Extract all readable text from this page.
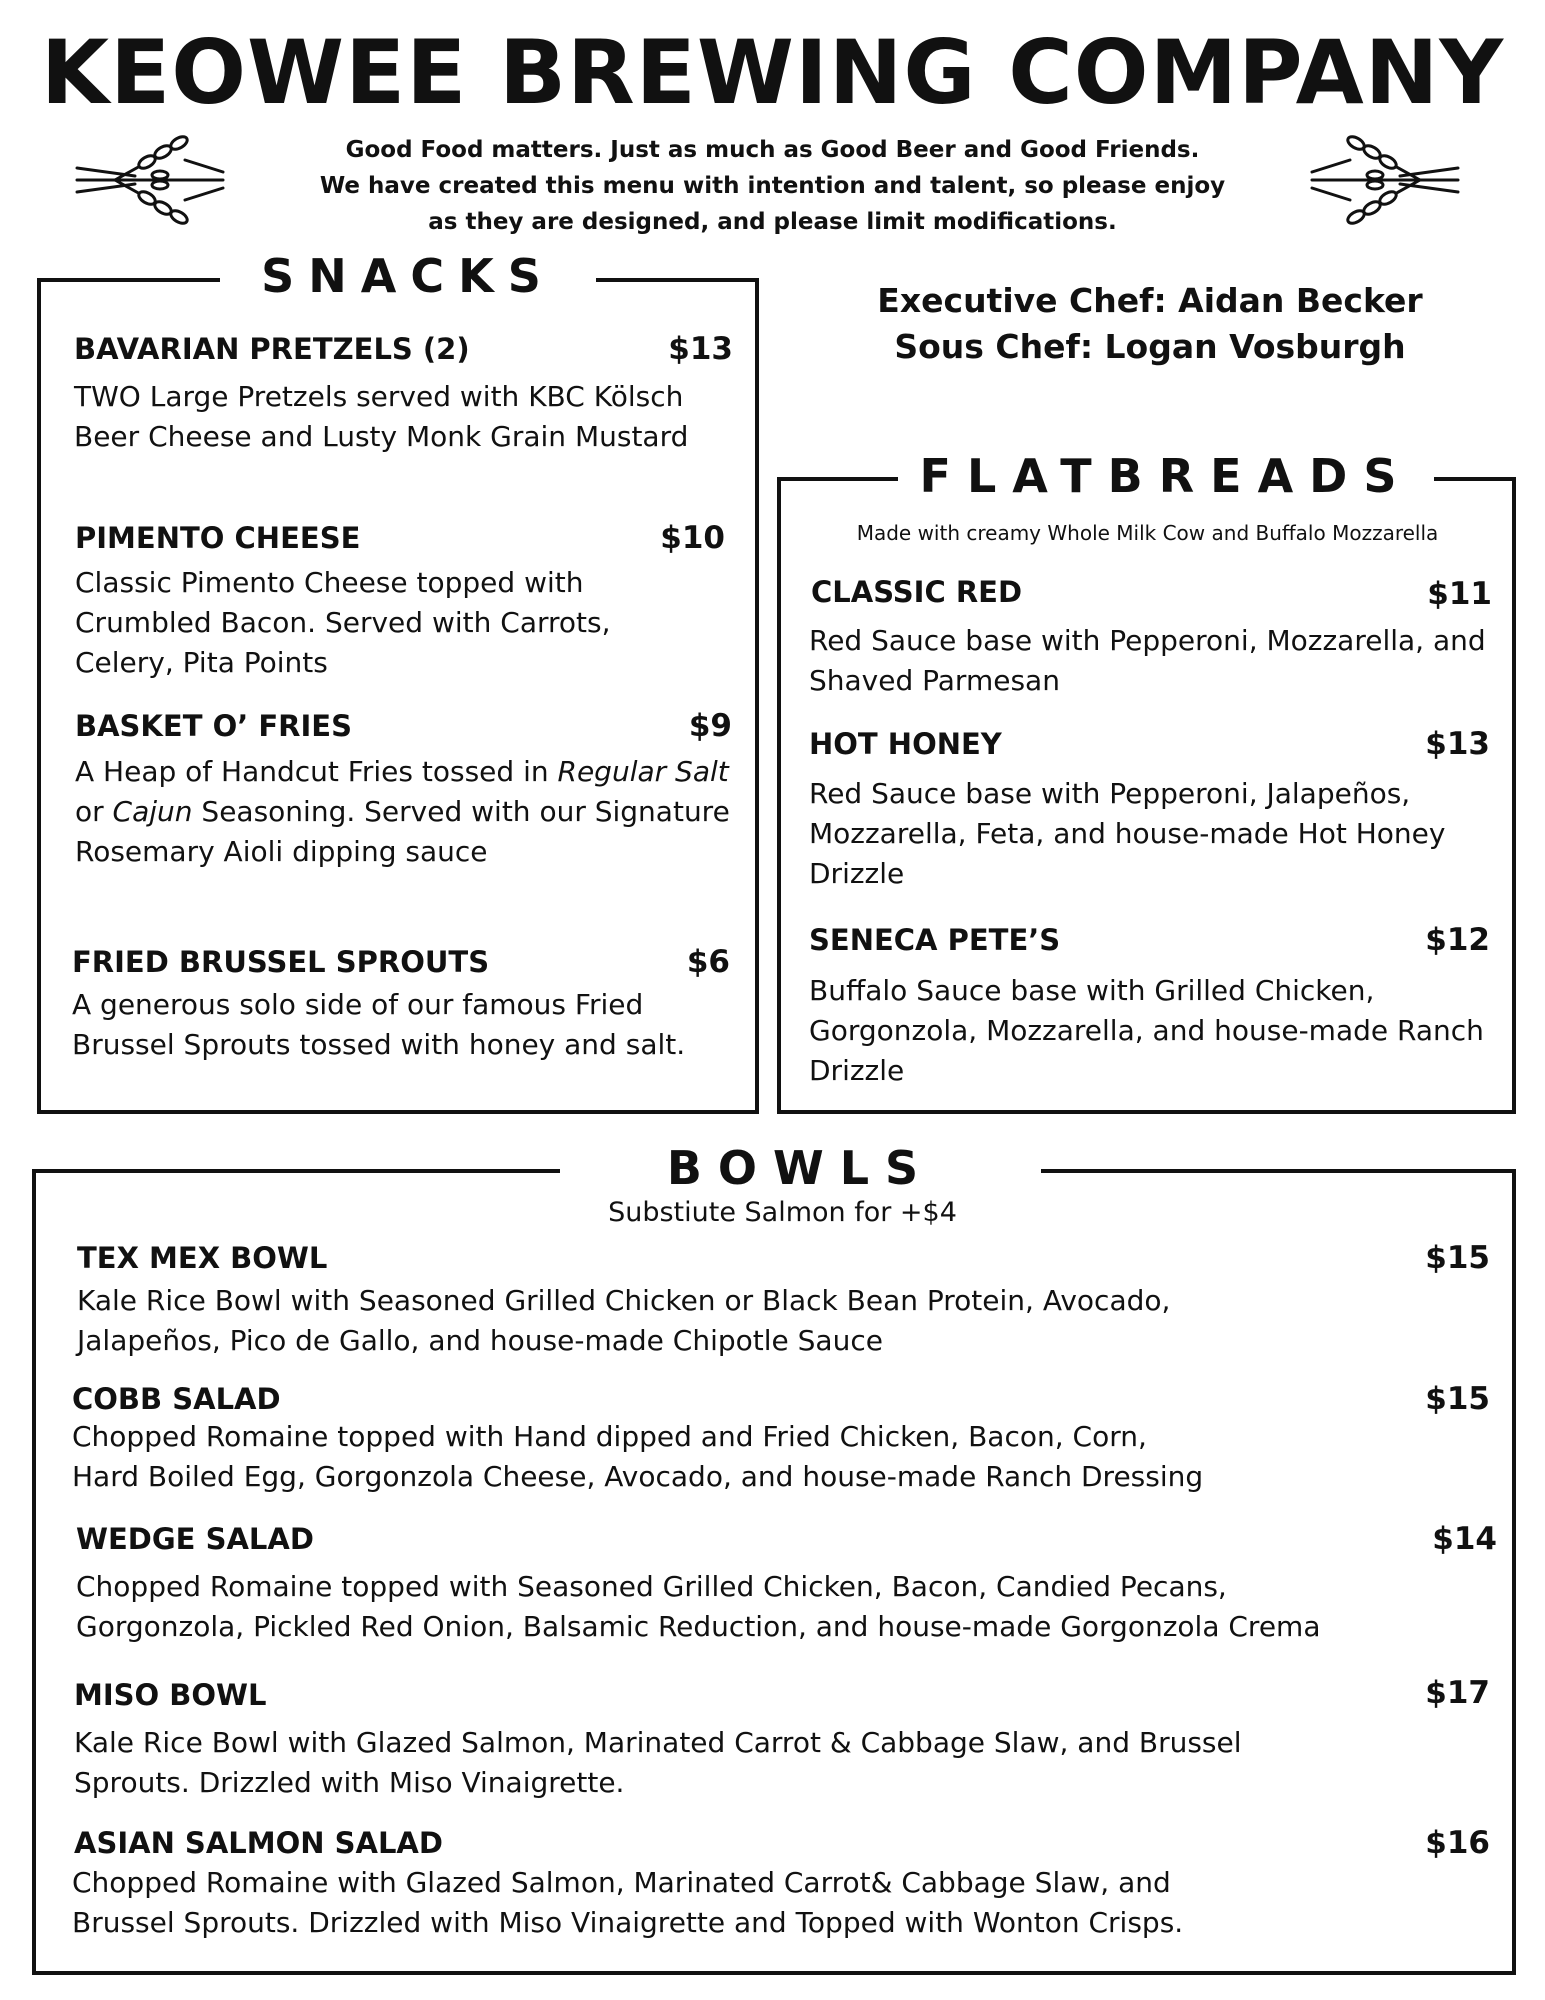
KEOWEE BREWING COMPANY
Good Food matters. Just as much as Good Beer and Good Friends.
We have created this menu with intention and talent, so please enjoy
as they are designed, and please limit modifications.
Executive Chef: Aidan Becker
Sous Chef: Logan Vosburgh
SNACKS
BAVARIAN PRETZELS (2)	$13
TWO Large Pretzels served with KBC Kölsch Beer Cheese and Lusty Monk Grain Mustard
PIMENTO CHEESE	$10
Classic Pimento Cheese topped with Crumbled Bacon. Served with Carrots, Celery, Pita Points
BASKET O’ FRIES	$9
A Heap of Handcut Fries tossed in Regular Salt or Cajun Seasoning. Served with our Signature Rosemary Aioli dipping sauce
FRIED BRUSSEL SPROUTS	$6
A generous solo side of our famous Fried Brussel Sprouts tossed with honey and salt.
FLATBREADS
Made with creamy Whole Milk Cow and Buffalo Mozzarella
CLASSIC RED	$11
Red Sauce base with Pepperoni, Mozzarella, and Shaved Parmesan
HOT HONEY	$13
Red Sauce base with Pepperoni, Jalapeños, Mozzarella, Feta, and house-made Hot Honey Drizzle
SENECA PETE’S	$12
Buffalo Sauce base with Grilled Chicken, Gorgonzola, Mozzarella, and house-made Ranch Drizzle
BOWLS
Substiute Salmon for +$4
TEX MEX BOWL	$15
Kale Rice Bowl with Seasoned Grilled Chicken or Black Bean Protein, Avocado,
Jalapeños, Pico de Gallo, and house-made Chipotle Sauce
COBB SALAD	$15
Chopped Romaine topped with Hand dipped and Fried Chicken, Bacon, Corn,
Hard Boiled Egg, Gorgonzola Cheese, Avocado, and house-made Ranch Dressing
WEDGE SALAD	$14
Chopped Romaine topped with Seasoned Grilled Chicken, Bacon, Candied Pecans,
Gorgonzola, Pickled Red Onion, Balsamic Reduction, and house-made Gorgonzola Crema
MISO BOWL	$17
Kale Rice Bowl with Glazed Salmon, Marinated Carrot & Cabbage Slaw, and Brussel
Sprouts. Drizzled with Miso Vinaigrette.
ASIAN SALMON SALAD	$16
Chopped Romaine with Glazed Salmon, Marinated Carrot& Cabbage Slaw, and
Brussel Sprouts. Drizzled with Miso Vinaigrette and Topped with Wonton Crisps.
